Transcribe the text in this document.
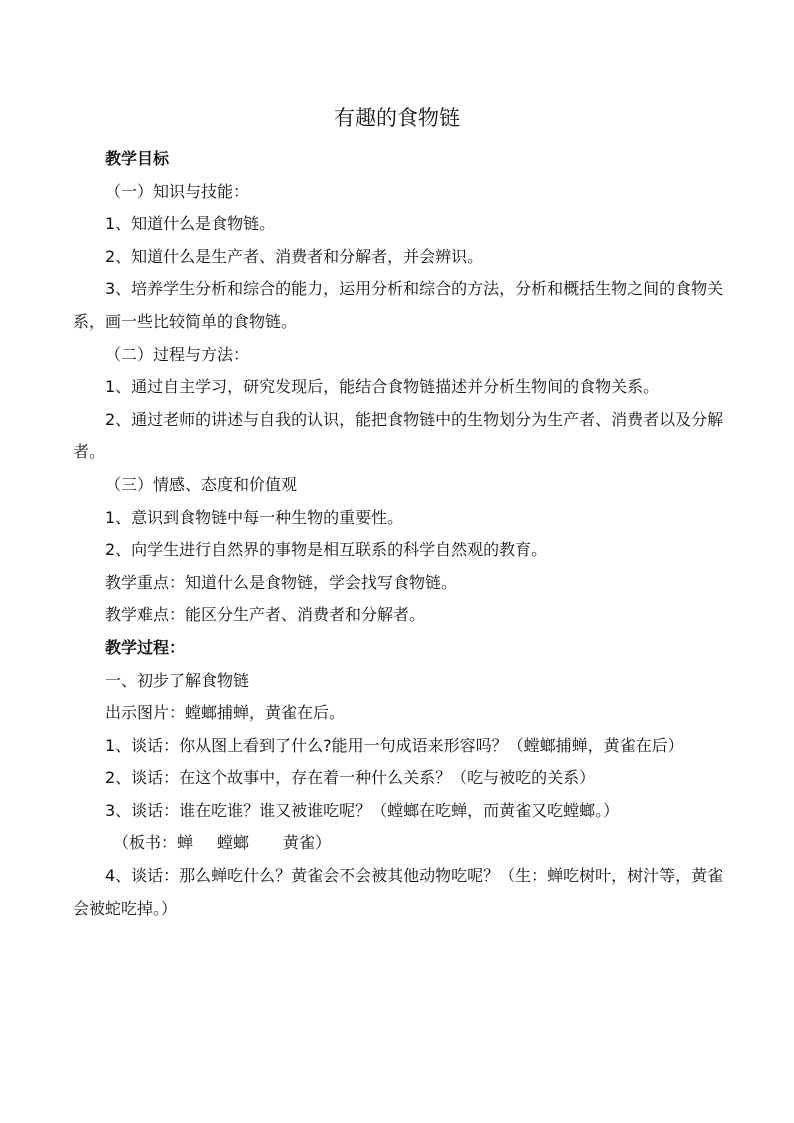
有趣的食物链

教学目标

（一）知识与技能：

1、知道什么是食物链。

2、知道什么是生产者、消费者和分解者，并会辨识。

3、培养学生分析和综合的能力，运用分析和综合的方法，分析和概括生物之间的食物关系，画一些比较简单的食物链。

（二）过程与方法：

1、通过自主学习，研究发现后，能结合食物链描述并分析生物间的食物关系。

2、通过老师的讲述与自我的认识，能把食物链中的生物划分为生产者、消费者以及分解者。

（三）情感、态度和价值观

1、意识到食物链中每一种生物的重要性。

2、向学生进行自然界的事物是相互联系的科学自然观的教育。

教学重点：知道什么是食物链，学会找写食物链。

教学难点：能区分生产者、消费者和分解者。

教学过程：

一、初步了解食物链

出示图片：螳螂捕蝉，黄雀在后。

1、谈话：你从图上看到了什么?能用一句成语来形容吗？（螳螂捕蝉，黄雀在后）

2、谈话：在这个故事中，存在着一种什么关系？（吃与被吃的关系）

3、谈话：谁在吃谁？谁又被谁吃呢？（螳螂在吃蝉，而黄雀又吃螳螂。）

（板书：蝉 螳螂 黄雀）

4、谈话：那么蝉吃什么？黄雀会不会被其他动物吃呢？（生：蝉吃树叶，树汁等，黄雀会被蛇吃掉。）
